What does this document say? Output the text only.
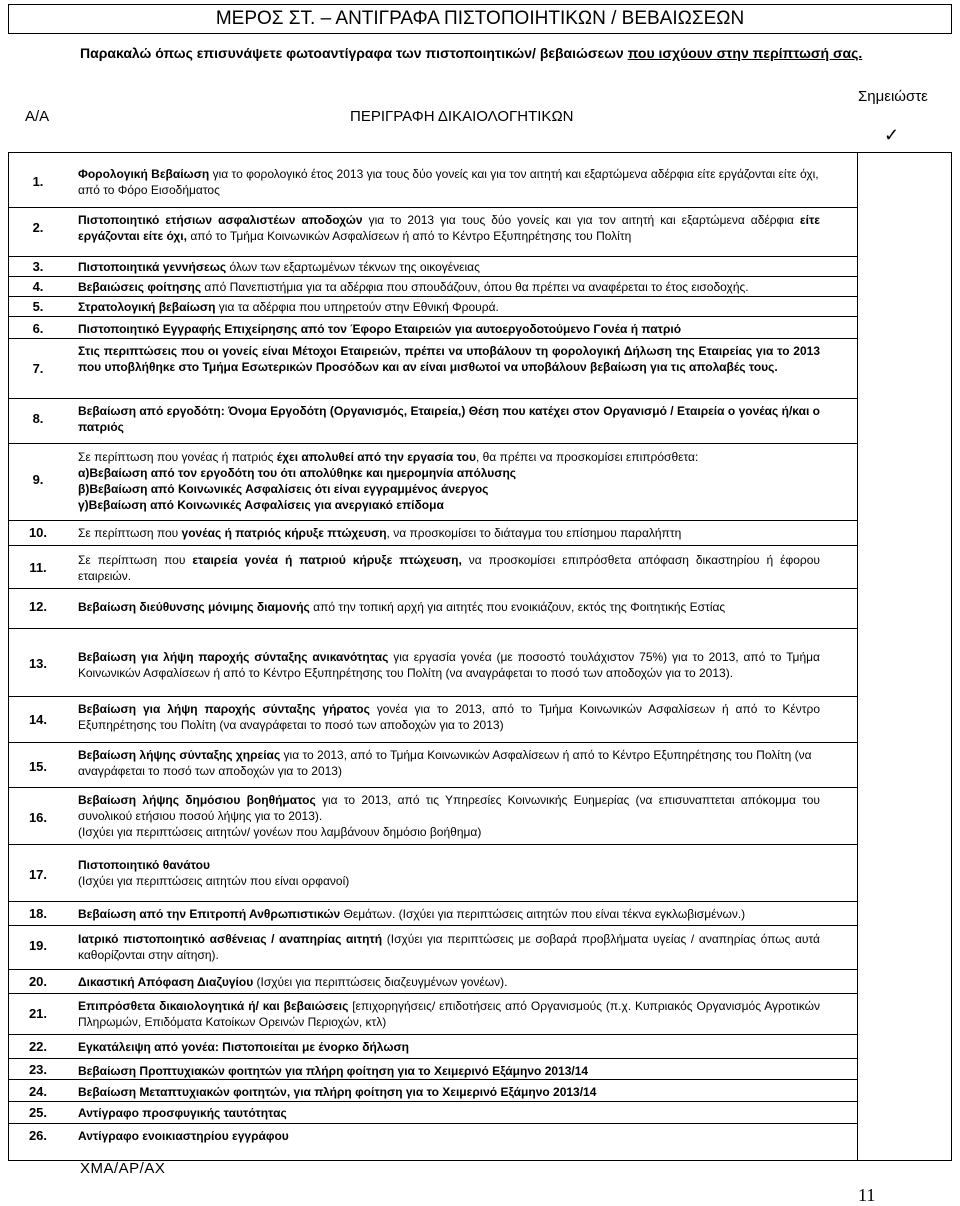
ΜΕΡΟΣ ΣΤ. – ΑΝΤΙΓΡΑΦΑ ΠΙΣΤΟΠΟΙΗΤΙΚΩΝ / ΒΕΒΑΙΩΣΕΩΝ
Παρακαλώ όπως επισυνάψετε φωτοαντίγραφα των πιστοποιητικών/ βεβαιώσεων που ισχύουν στην περίπτωσή σας.
Α/Α	ΠΕΡΙΓΡΑΦΗ ΔΙΚΑΙΟΛΟΓΗΤΙΚΩΝ
Σημειώστε
✓
1.	Φορολογική Βεβαίωση για το φορολογικό έτος 2013 για τους δύο γονείς και για τον αιτητή και εξαρτώμενα αδέρφια είτε εργάζονται είτε όχι, από το Φόρο Εισοδήματος
2.	Πιστοποιητικό ετήσιων ασφαλιστέων αποδοχών για το 2013 για τους δύο γονείς και για τον αιτητή και εξαρτώμενα αδέρφια είτε εργάζονται είτε όχι, από το Τμήμα Κοινωνικών Ασφαλίσεων ή από το Κέντρο Εξυπηρέτησης του Πολίτη
3.	Πιστοποιητικά γεννήσεως όλων των εξαρτωμένων τέκνων της οικογένειας
4.	Βεβαιώσεις φοίτησης από Πανεπιστήμια για τα αδέρφια που σπουδάζουν, όπου θα πρέπει να αναφέρεται το έτος εισοδοχής.
5.	Στρατολογική βεβαίωση για τα αδέρφια που υπηρετούν στην Εθνική Φρουρά.
6.	Πιστοποιητικό Εγγραφής Επιχείρησης από τον Έφορο Εταιρειών για αυτοεργοδοτούμενο Γονέα ή πατριό
7.
Στις περιπτώσεις που οι γονείς είναι Μέτοχοι Εταιρειών, πρέπει να υποβάλουν τη φορολογική Δήλωση της Εταιρείας για το 2013 που υποβλήθηκε στο Τμήμα Εσωτερικών Προσόδων και αν είναι μισθωτοί να υποβάλουν βεβαίωση για τις απολαβές τους.
8.	Βεβαίωση από εργοδότη: Όνομα Εργοδότη (Οργανισμός, Εταιρεία,) Θέση που κατέχει στον Οργανισμό / Εταιρεία ο γονέας ή/και ο πατριός
9.
Σε περίπτωση που γονέας ή πατριός έχει απολυθεί από την εργασία του, θα πρέπει να προσκομίσει επιπρόσθετα:
α)Βεβαίωση από τον εργοδότη του ότι απολύθηκε και ημερομηνία απόλυσης
β)Βεβαίωση από Κοινωνικές Ασφαλίσεις ότι είναι εγγραμμένος άνεργος
γ)Βεβαίωση από Κοινωνικές Ασφαλίσεις για ανεργιακό επίδομα
10.	Σε περίπτωση που γονέας ή πατριός κήρυξε πτώχευση, να προσκομίσει το διάταγμα του επίσημου παραλήπτη
11.	Σε περίπτωση που εταιρεία γονέα ή πατριού κήρυξε πτώχευση, να προσκομίσει επιπρόσθετα απόφαση δικαστηρίου ή έφορου εταιρειών.
12.	Βεβαίωση διεύθυνσης μόνιμης διαμονής από την τοπική αρχή για αιτητές που ενοικιάζουν, εκτός της Φοιτητικής Εστίας
13.	Βεβαίωση για λήψη παροχής σύνταξης ανικανότητας για εργασία γονέα (με ποσοστό τουλάχιστον 75%) για το 2013, από το Τμήμα Κοινωνικών Ασφαλίσεων ή από το Κέντρο Εξυπηρέτησης του Πολίτη (να αναγράφεται το ποσό των αποδοχών για το 2013).
14.
Βεβαίωση για λήψη παροχής σύνταξης γήρατος γονέα για το 2013, από το Τμήμα Κοινωνικών Ασφαλίσεων ή από το Κέντρο Εξυπηρέτησης του Πολίτη (να αναγράφεται το ποσό των αποδοχών για το 2013)
15.
Βεβαίωση λήψης σύνταξης χηρείας για το 2013, από το Τμήμα Κοινωνικών Ασφαλίσεων ή από το Κέντρο Εξυπηρέτησης του Πολίτη (να αναγράφεται το ποσό των αποδοχών για το 2013)
16.
Βεβαίωση λήψης δημόσιου βοηθήματος για το 2013, από τις Υπηρεσίες Κοινωνικής Ευημερίας (να επισυναπτεται απόκομμα του συνολικού ετήσιου ποσού λήψης για το 2013).
(Ισχύει για περιπτώσεις αιτητών/ γονέων που λαμβάνουν δημόσιο βοήθημα)
17.
Πιστοποιητικό θανάτου
(Ισχύει για περιπτώσεις αιτητών που είναι ορφανοί)
18.	Βεβαίωση από την Επιτροπή Ανθρωπιστικών Θεμάτων. (Ισχύει για περιπτώσεις αιτητών που είναι τέκνα εγκλωβισμένων.)
19.	Ιατρικό πιστοποιητικό ασθένειας / αναπηρίας αιτητή (Ισχύει για περιπτώσεις με σοβαρά προβλήματα υγείας / αναπηρίας όπως αυτά καθορίζονται στην αίτηση).
20.	Δικαστική Απόφαση Διαζυγίου (Ισχύει για περιπτώσεις διαζευγμένων γονέων).
21.	Επιπρόσθετα δικαιολογητικά ή/ και βεβαιώσεις [επιχορηγήσεις/ επιδοτήσεις από Οργανισμούς (π.χ. Κυπριακός Οργανισμός Αγροτικών Πληρωμών, Επιδόματα Κατοίκων Ορεινών Περιοχών, κτλ)
22.	Εγκατάλειψη από γονέα: Πιστοποιείται με ένορκο δήλωση
23.	Βεβαίωση Προπτυχιακών φοιτητών για πλήρη φοίτηση για το Χειμερινό Εξάμηνο 2013/14
24.	Βεβαίωση Μεταπτυχιακών φοιτητών, για πλήρη φοίτηση για το Χειμερινό Εξάμηνο 2013/14
25.	Αντίγραφο προσφυγικής ταυτότητας
26.	Αντίγραφο ενοικιαστηρίου εγγράφου
ΧΜΑ/ΑΡ/ΑΧ
11
